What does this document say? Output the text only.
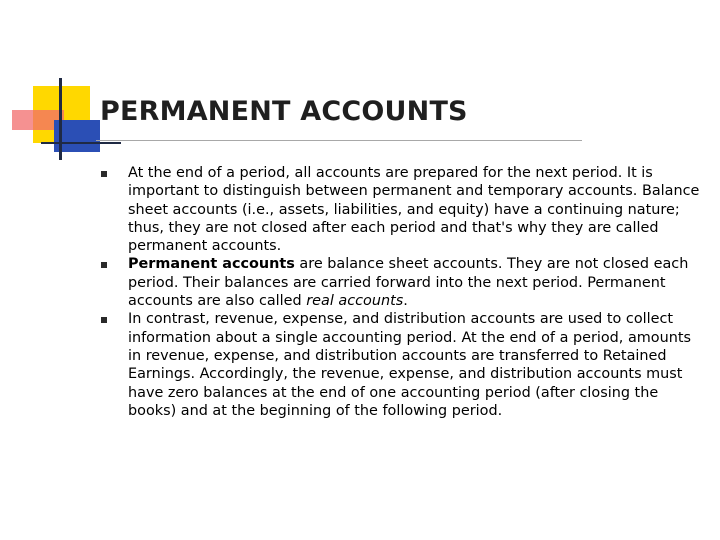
PERMANENT ACCOUNTS
At the end of a period, all accounts are prepared for the next period. It is important to distinguish between permanent and temporary accounts. Balance sheet accounts (i.e., assets, liabilities, and equity) have a continuing nature; thus, they are not closed after each period and that's why they are called permanent accounts.
Permanent accounts are balance sheet accounts. They are not closed each period. Their balances are carried forward into the next period. Permanent accounts are also called real accounts.
In contrast, revenue, expense, and distribution accounts are used to collect information about a single accounting period. At the end of a period, amounts in revenue, expense, and distribution accounts are transferred to Retained Earnings. Accordingly, the revenue, expense, and distribution accounts must have zero balances at the end of one accounting period (after closing the books) and at the beginning of the following period.
